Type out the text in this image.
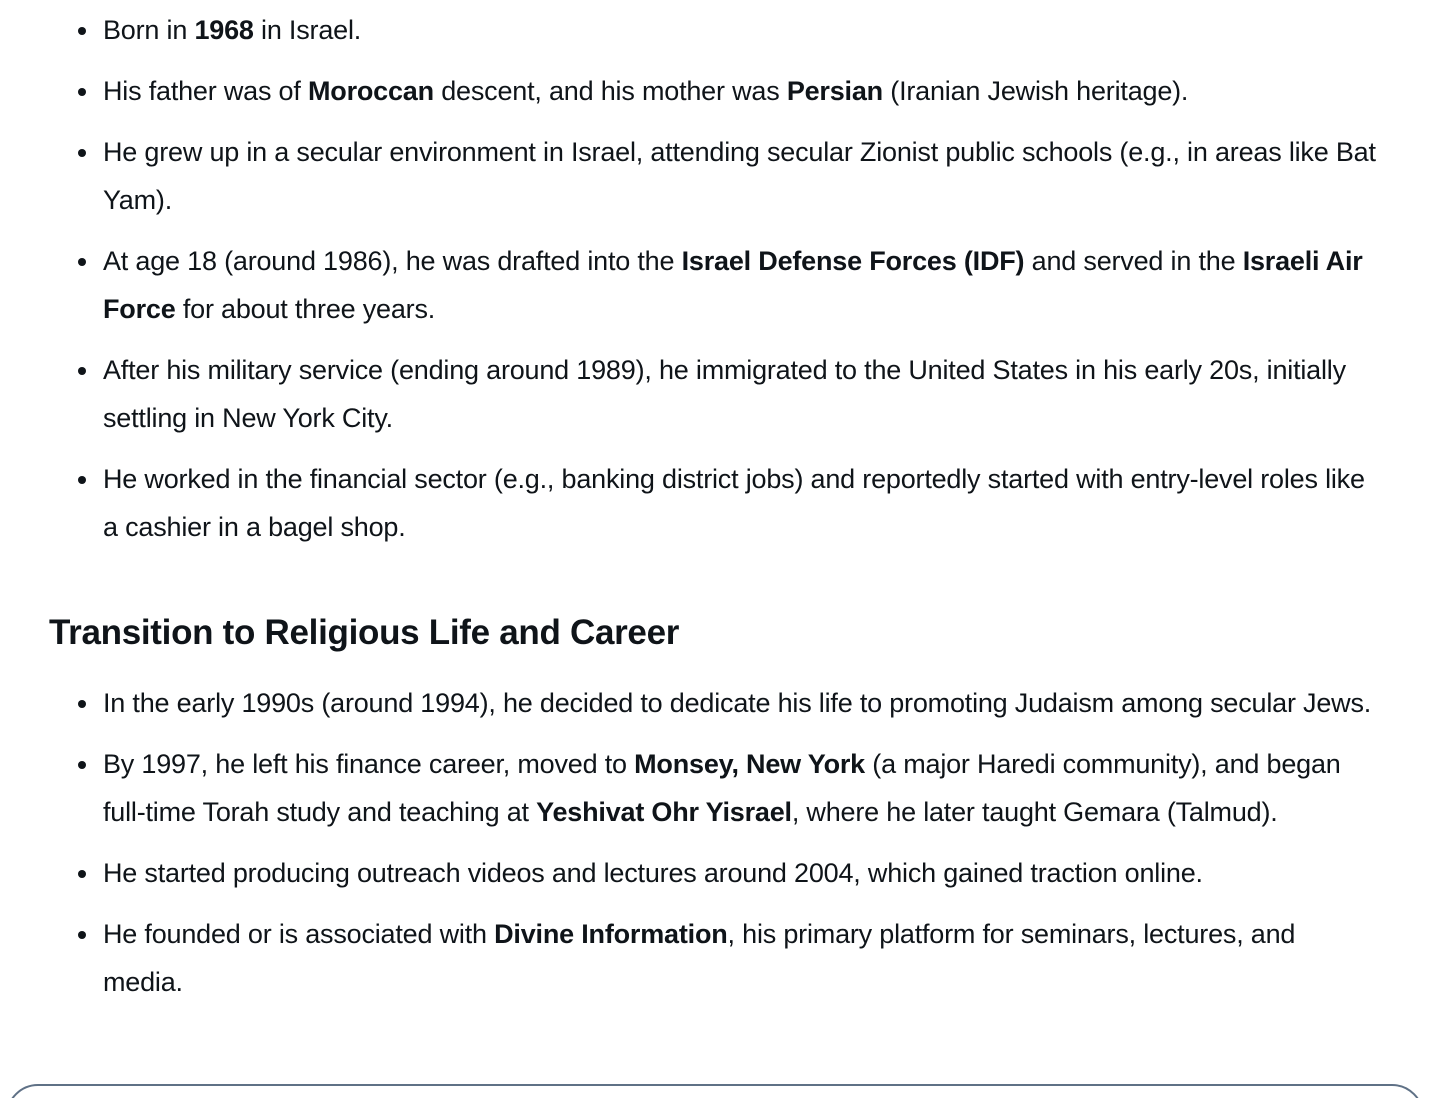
Born in 1968 in Israel.
His father was of Moroccan descent, and his mother was Persian (Iranian Jewish heritage).
He grew up in a secular environment in Israel, attending secular Zionist public schools (e.g., in areas like Bat Yam).
At age 18 (around 1986), he was drafted into the Israel Defense Forces (IDF) and served in the Israeli Air Force for about three years.
After his military service (ending around 1989), he immigrated to the United States in his early 20s, initially settling in New York City.
He worked in the financial sector (e.g., banking district jobs) and reportedly started with entry-level roles like a cashier in a bagel shop.
Transition to Religious Life and Career
In the early 1990s (around 1994), he decided to dedicate his life to promoting Judaism among secular Jews.
By 1997, he left his finance career, moved to Monsey, New York (a major Haredi community), and began full-time Torah study and teaching at Yeshivat Ohr Yisrael, where he later taught Gemara (Talmud).
He started producing outreach videos and lectures around 2004, which gained traction online.
He founded or is associated with Divine Information, his primary platform for seminars, lectures, and media.
